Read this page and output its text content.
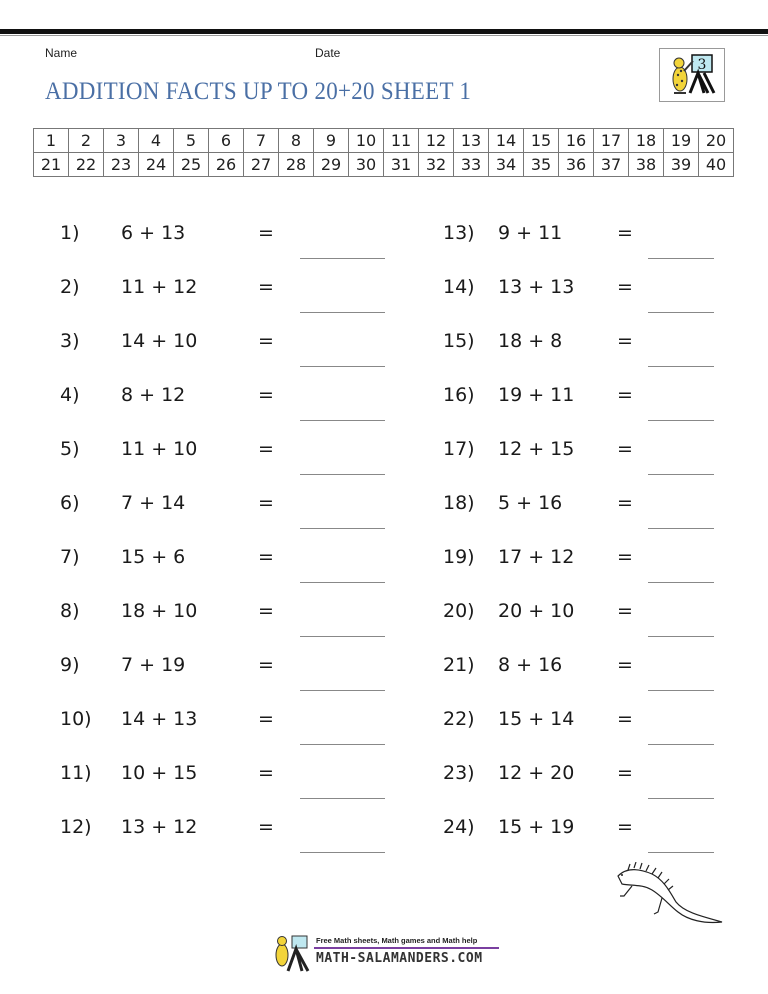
Name	Date
ADDITION FACTS UP TO 20+20 SHEET 1
3
1	2	3	4	5	6	7	8	9	10	11	12	13	14	15	16	17	18	19	20
21	22	23	24	25	26	27	28	29	30	31	32	33	34	35	36	37	38	39	40
1) 6 + 13	=
2) 11 + 12	=
3) 14 + 10	=
4) 8 + 12	=
5) 11 + 10	=
6) 7 + 14	=
7) 15 + 6	=
8) 18 + 10	=
9) 7 + 19	=
10) 14 + 13	=
11) 10 + 15	=
12) 13 + 12	=
13) 9 + 11	=
14) 13 + 13 =
15) 18 + 8	=
16) 19 + 11 =
17) 12 + 15 =
18) 5 + 16	=
19) 17 + 12 =
20) 20 + 10 =
21) 8 + 16	=
22) 15 + 14 =
23) 12 + 20 =
24) 15 + 19 =
Free Math sheets, Math games and Math help
MATH-SALAMANDERS.COM
